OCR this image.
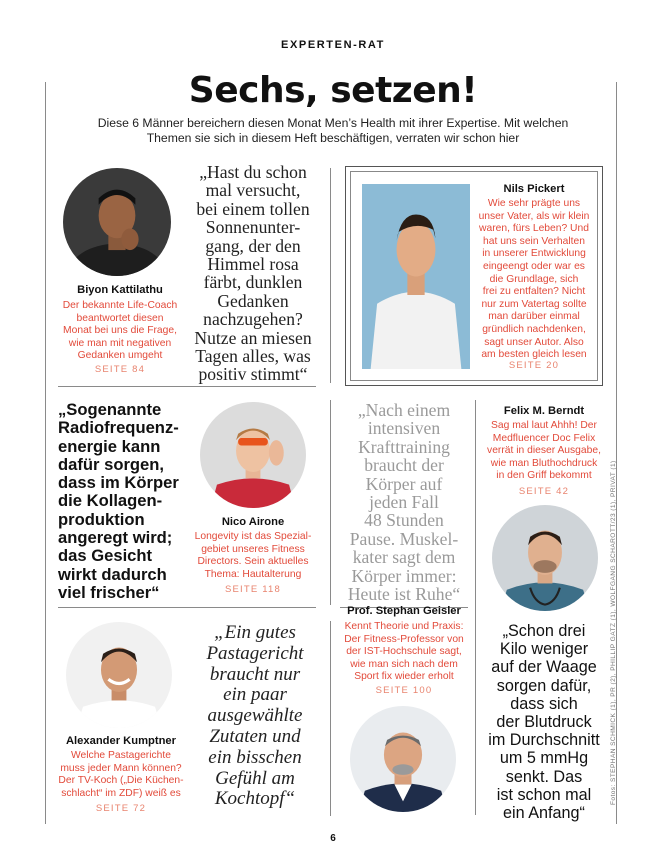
EXPERTEN-RAT
Sechs, setzen!
Diese 6 Männer bereichern diesen Monat Men’s Health mit ihrer Expertise. Mit welchen Themen sie sich in diesem Heft beschäftigen, verraten wir schon hier
Biyon Kattilathu
Der bekannte Life-Coach
beantwortet diesen
Monat bei uns die Frage,
wie man mit negativen
Gedanken umgeht
SEITE 84
„Hast du schon
mal versucht,
bei einem tollen
Sonnenunter-
gang, der den
Himmel rosa
färbt, dunklen
Gedanken
nachzugehen?
Nutze an miesen
Tagen alles, was
positiv stimmt“
Nils Pickert
Wie sehr prägte uns
unser Vater, als wir klein
waren, fürs Leben? Und
hat uns sein Verhalten
in unserer Entwicklung
eingeengt oder war es
die Grundlage, sich
frei zu entfalten? Nicht
nur zum Vatertag sollte
man darüber einmal
gründlich nachdenken,
sagt unser Autor. Also
am besten gleich lesen
SEITE 20
„Sogenannte
Radiofrequenz-
energie kann
dafür sorgen,
dass im Körper
die Kollagen-
produktion
angeregt wird;
das Gesicht
wirkt dadurch
viel frischer“
Nico Airone
Longevity ist das Spezial-
gebiet unseres Fitness
Directors. Sein aktuelles
Thema: Hautalterung
SEITE 118
„Nach einem
intensiven
Krafttraining
braucht der
Körper auf
jeden Fall
48 Stunden
Pause. Muskel-
kater sagt dem
Körper immer:
Heute ist Ruhe“
Prof. Stephan Geisler
Kennt Theorie und Praxis:
Der Fitness-Professor von
der IST-Hochschule sagt,
wie man sich nach dem
Sport fix wieder erholt
SEITE 100
Felix M. Berndt
Sag mal laut Ahhh! Der
Medfluencer Doc Felix
verrät in dieser Ausgabe,
wie man Bluthochdruck
in den Griff bekommt
SEITE 42
„Schon drei
Kilo weniger
auf der Waage
sorgen dafür,
dass sich
der Blutdruck
im Durchschnitt
um 5 mmHg
senkt. Das
ist schon mal
ein Anfang“
Alexander Kumptner
Welche Pastagerichte
muss jeder Mann können?
Der TV-Koch („Die Küchen-
schlacht“ im ZDF) weiß es
SEITE 72
„Ein gutes
Pastagericht
braucht nur
ein paar
ausgewählte
Zutaten und
ein bisschen
Gefühl am
Kochtopf“	Fotos: STEPHAN SCHMICK (1), PR (2), PHILLIP GATZ (1), WOLFGANG SCHAROTT/23 (1), PRIVAT (1)
6
